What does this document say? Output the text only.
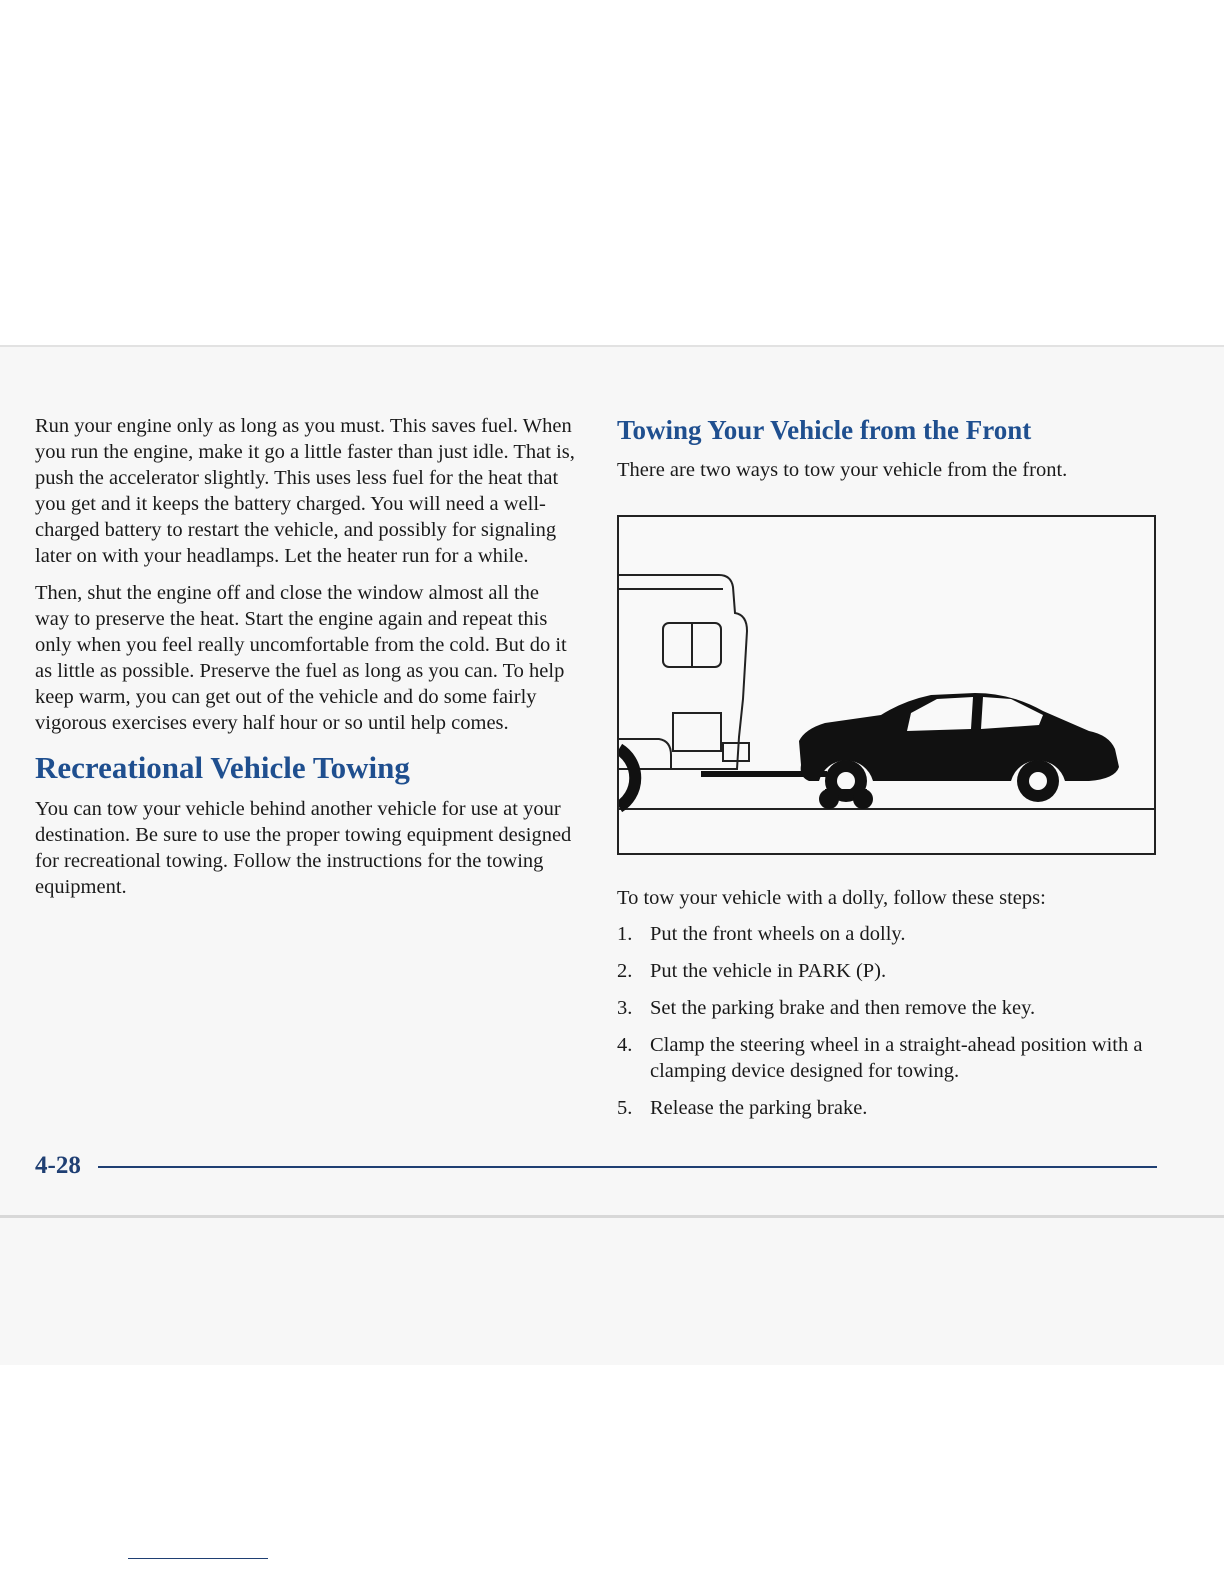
Run your engine only as long as you must. This saves fuel. When you run the engine, make it go a little faster than just idle. That is, push the accelerator slightly. This uses less fuel for the heat that you get and it keeps the battery charged. You will need a well-charged battery to restart the vehicle, and possibly for signaling later on with your headlamps. Let the heater run for a while.

Then, shut the engine off and close the window almost all the way to preserve the heat. Start the engine again and repeat this only when you feel really uncomfortable from the cold. But do it as little as possible. Preserve the fuel as long as you can. To help keep warm, you can get out of the vehicle and do some fairly vigorous exercises every half hour or so until help comes.

Recreational Vehicle Towing

You can tow your vehicle behind another vehicle for use at your destination. Be sure to use the proper towing equipment designed for recreational towing. Follow the instructions for the towing equipment.

Towing Your Vehicle from the Front

There are two ways to tow your vehicle from the front.

To tow your vehicle with a dolly, follow these steps:

1. Put the front wheels on a dolly.
2. Put the vehicle in PARK (P).
3. Set the parking brake and then remove the key.
4. Clamp the steering wheel in a straight-ahead position with a clamping device designed for towing.
5. Release the parking brake.
4-28
